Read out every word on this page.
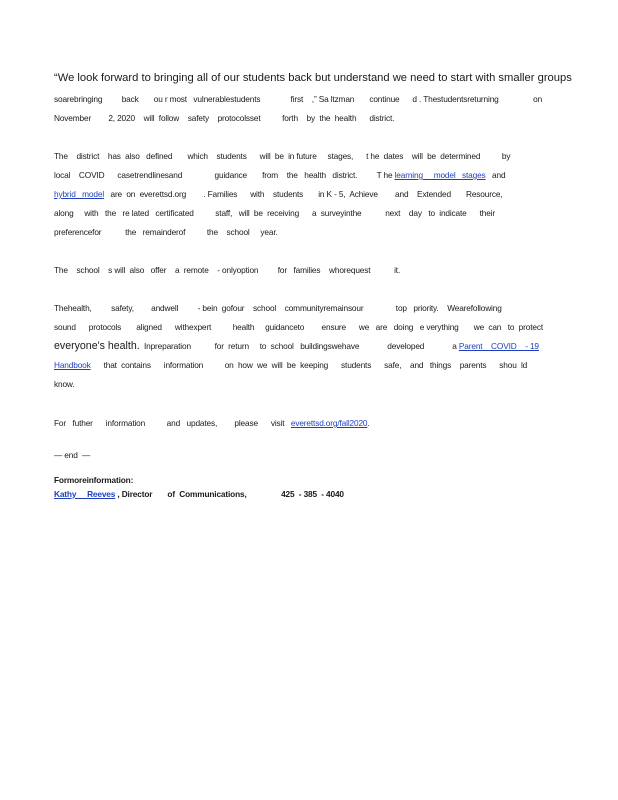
“We look forward to bringing all of our students back but understand we need to start with smaller groups
soarebringing         back       ou r most   vulnerablestudents              first    ,” Sa ltzman       continue      d . Thestudentsreturning                on
November        2, 2020    will  follow    safety    protocolsset          forth    by  the  health      district.
The    district    has  also   defined       which    students      will  be  in future     stages,      t he  dates    will  be  determined          by
local    COVID      casetrendlinesand               guidance       from    the   health   district.         T he learning     model   stages   and
hybrid   model   are  on  everettsd.org        . Families      with    students       in K - 5,  Achieve        and    Extended       Resource,
along     with   the   re lated   certificated          staff,   will  be  receiving      a  surveyinthe           next    day   to  indicate      their
preferencefor           the   remainderof          the    school     year.
The    school    s will  also   offer    a  remote    - onlyoption         for   families    whorequest           it.
Thehealth,         safety,        andwell         - bein  gofour    school    communityremainsour               top   priority.    Wearefollowing
sound      protocols       aligned      withexpert          health     guidanceto        ensure      we   are   doing   e verything       we  can   to  protect
everyone's health.  Inpreparation           for  return     to  school   buildingswehave             developed             a Parent    COVID    - 19
Handbook      that  contains      information          on  how  we  will  be  keeping      students      safe,    and   things    parents      shou  ld
know.
For   futher      information          and   updates,        please      visit   everettsd.org/fall2020.
— end  —
Formoreinformation:
Kathy     Reeves , Director       of  Communications,                425  - 385  - 4040
